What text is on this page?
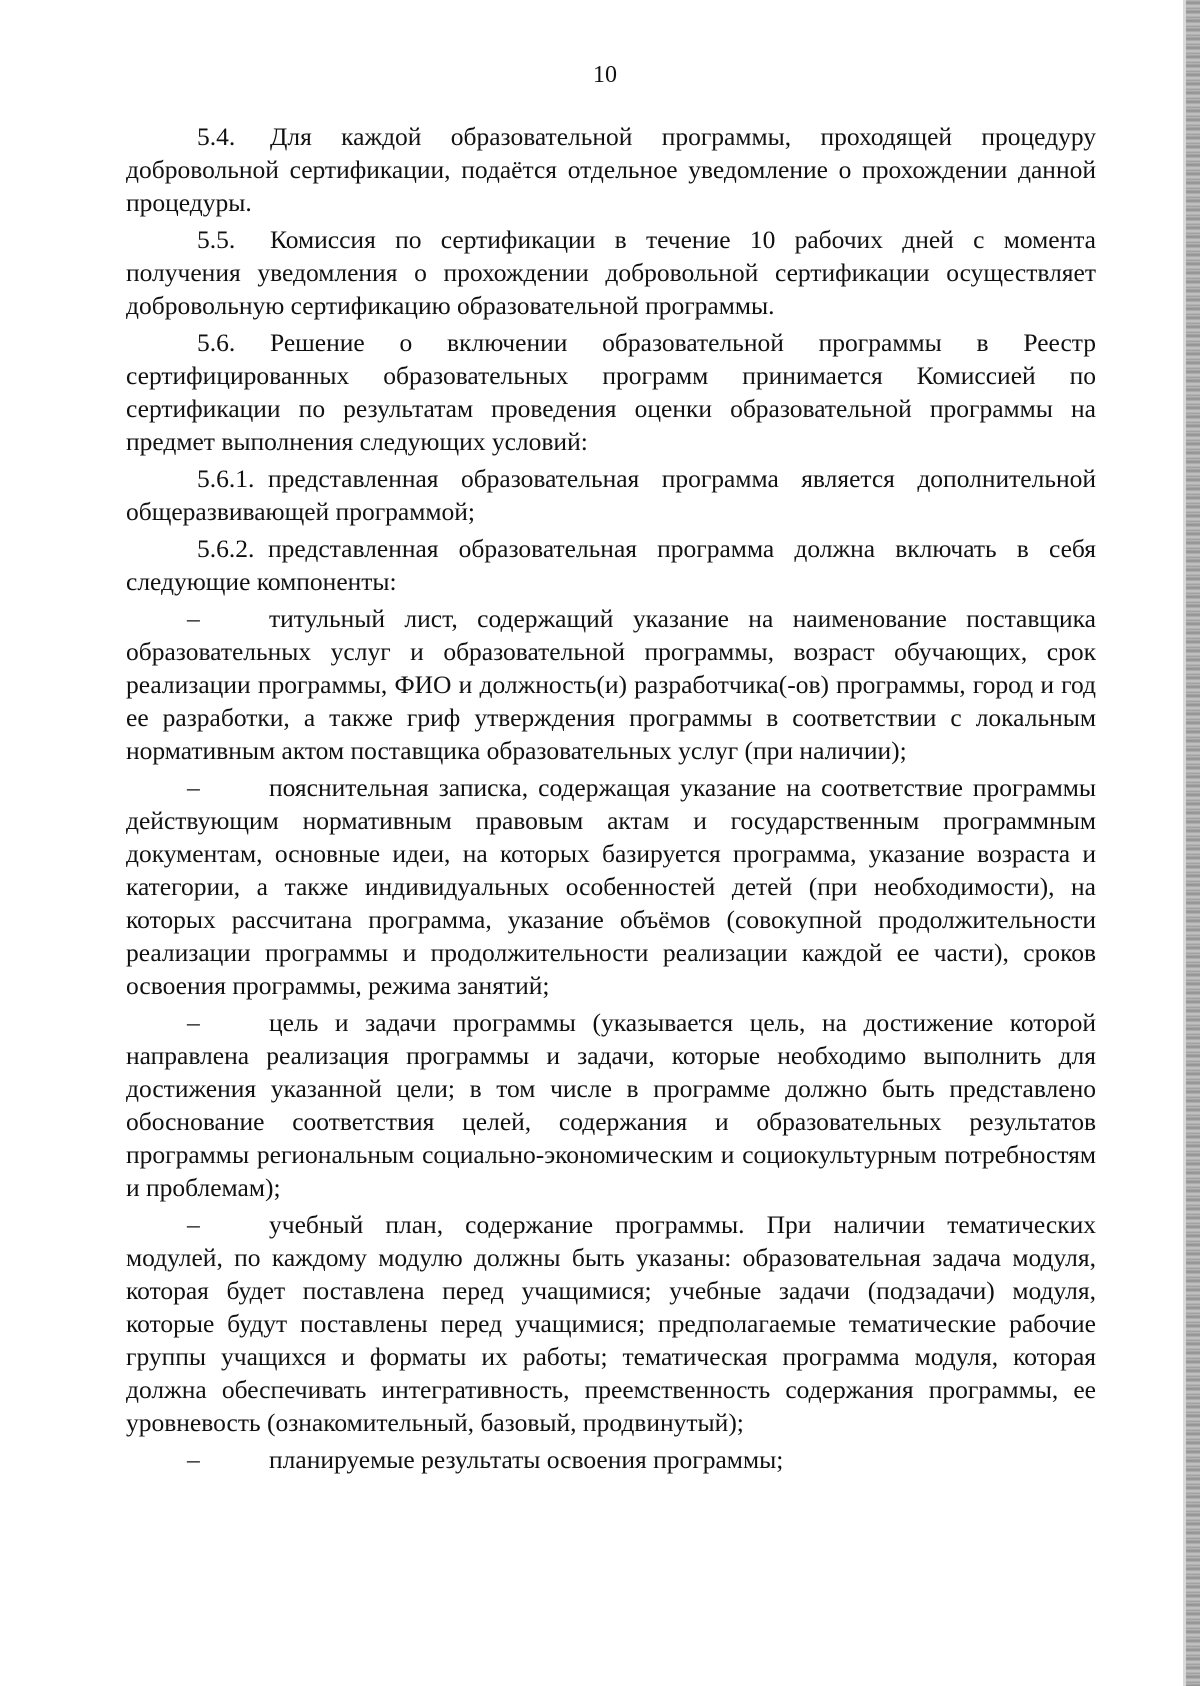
10

5.4. Для каждой образовательной программы, проходящей процедуру добровольной сертификации, подаётся отдельное уведомление о прохождении данной процедуры.

5.5. Комиссия по сертификации в течение 10 рабочих дней с момента получения уведомления о прохождении добровольной сертификации осуществляет добровольную сертификацию образовательной программы.

5.6. Решение о включении образовательной программы в Реестр сертифицированных образовательных программ принимается Комиссией по сертификации по результатам проведения оценки образовательной программы на предмет выполнения следующих условий:

5.6.1. представленная образовательная программа является дополнительной общеразвивающей программой;

5.6.2. представленная образовательная программа должна включать в себя следующие компоненты:

–	титульный лист, содержащий указание на наименование поставщика образовательных услуг и образовательной программы, возраст обучающих, срок реализации программы, ФИО и должность(и) разработчика(-ов) программы, город и год ее разработки, а также гриф утверждения программы в соответствии с локальным нормативным актом поставщика образовательных услуг (при наличии);

–	пояснительная записка, содержащая указание на соответствие программы действующим нормативным правовым актам и государственным программным документам, основные идеи, на которых базируется программа, указание возраста и категории, а также индивидуальных особенностей детей (при необходимости), на которых рассчитана программа, указание объёмов (совокупной продолжительности реализации программы и продолжительности реализации каждой ее части), сроков освоения программы, режима занятий;

–	цель и задачи программы (указывается цель, на достижение которой направлена реализация программы и задачи, которые необходимо выполнить для достижения указанной цели; в том числе в программе должно быть представлено обоснование соответствия целей, содержания и образовательных результатов программы региональным социально-экономическим и социокультурным потребностям и проблемам);

–	учебный план, содержание программы. При наличии тематических модулей, по каждому модулю должны быть указаны: образовательная задача модуля, которая будет поставлена перед учащимися; учебные задачи (подзадачи) модуля, которые будут поставлены перед учащимися; предполагаемые тематические рабочие группы учащихся и форматы их работы; тематическая программа модуля, которая должна обеспечивать интегративность, преемственность содержания программы, ее уровневость (ознакомительный, базовый, продвинутый);

–	планируемые результаты освоения программы;
